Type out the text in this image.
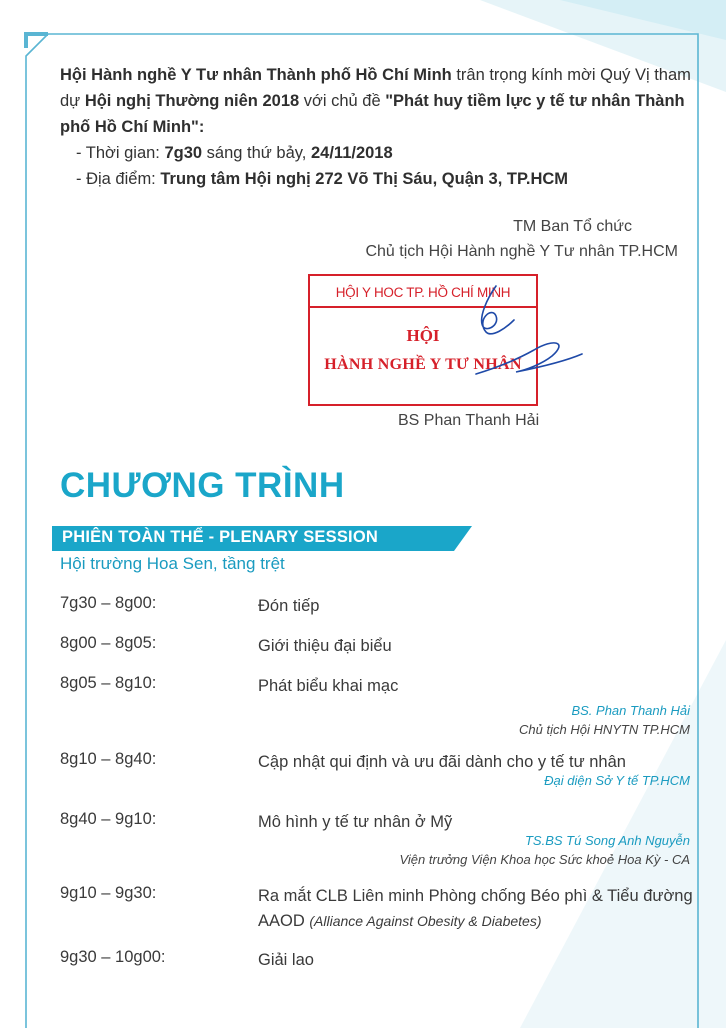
Hội Hành nghề Y Tư nhân Thành phố Hồ Chí Minh trân trọng kính mời Quý Vị tham dự Hội nghị Thường niên 2018 với chủ đề "Phát huy tiềm lực y tế tư nhân Thành phố Hồ Chí Minh":

- Thời gian: 7g30 sáng thứ bảy, 24/11/2018

- Địa điểm: Trung tâm Hội nghị 272 Võ Thị Sáu, Quận 3, TP.HCM

TM Ban Tổ chức
Chủ tịch Hội Hành nghề Y Tư nhân TP.HCM
HỘI Y HOC TP. HỒ CHÍ MINH
HỘI
HÀNH NGHỀ Y TƯ NHÂN
BS Phan Thanh Hải
CHƯƠNG TRÌNH
PHIÊN TOÀN THỂ - PLENARY SESSION
Hội trường Hoa Sen, tầng trệt
7g30 – 8g00:	Đón tiếp
8g00 – 8g05:	Giới thiệu đại biểu
8g05 – 8g10:	Phát biểu khai mạc
BS. Phan Thanh Hải
Chủ tịch Hội HNYTN TP.HCM
8g10 – 8g40:	Cập nhật qui định và ưu đãi dành cho y tế tư nhân
Đại diện Sở Y tế TP.HCM
8g40 – 9g10:	Mô hình y tế tư nhân ở Mỹ
TS.BS Tú Song Anh Nguyễn
Viện trưởng Viện Khoa học Sức khoẻ Hoa Kỳ - CA
9g10 – 9g30:	Ra mắt CLB Liên minh Phòng chống Béo phì & Tiểu đường AAOD (Alliance Against Obesity & Diabetes)
9g30 – 10g00:	Giải lao
